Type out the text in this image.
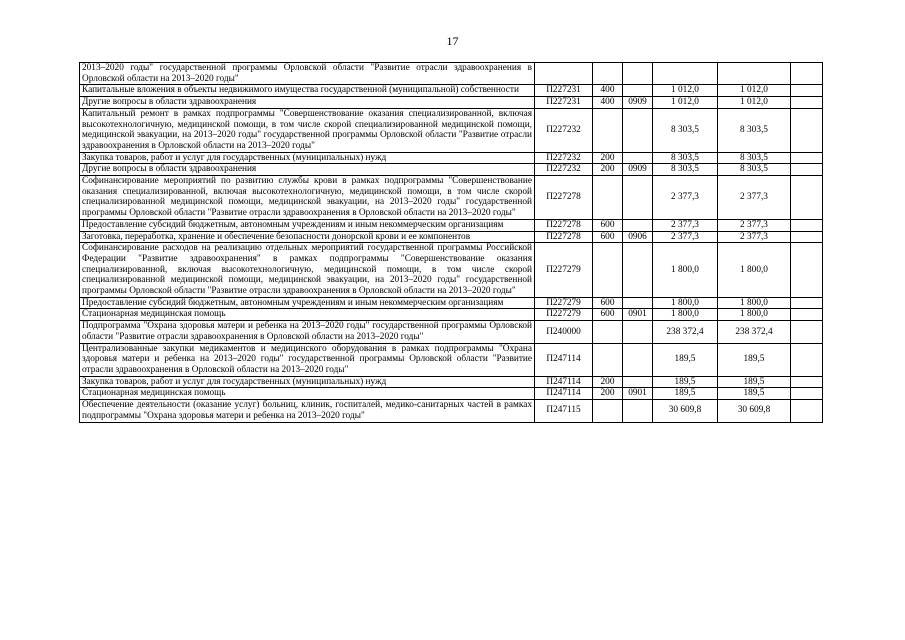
17
2013–2020 годы" государственной программы Орловской области "Развитие отрасли здравоохранения в Орловской области на 2013–2020 годы"						
Капитальные вложения в объекты недвижимого имущества государственной (муниципальной) собственности	П227231	400		1 012,0	1 012,0	
Другие вопросы в области здравоохранения	П227231	400	0909	1 012,0	1 012,0	
Капитальный ремонт в рамках подпрограммы "Совершенствование оказания специализированной, включая высокотехнологичную, медицинской помощи, в том числе скорой специализированной медицинской помощи, медицинской эвакуации, на 2013–2020 годы" государственной программы Орловской области "Развитие отрасли здравоохранения в Орловской области на 2013–2020 годы"	П227232			8 303,5	8 303,5	
Закупка товаров, работ и услуг для государственных (муниципальных) нужд	П227232	200		8 303,5	8 303,5	
Другие вопросы в области здравоохранения	П227232	200	0909	8 303,5	8 303,5	
Софинансирование мероприятий по развитию службы крови в рамках подпрограммы "Совершенствование оказания специализированной, включая высокотехнологичную, медицинской помощи, в том числе скорой специализированной медицинской помощи, медицинской эвакуации, на 2013–2020 годы" государственной программы Орловской области "Развитие отрасли здравоохранения в Орловской области на 2013–2020 годы"	П227278			2 377,3	2 377,3	
Предоставление субсидий бюджетным, автономным учреждениям и иным некоммерческим организациям	П227278	600		2 377,3	2 377,3	
Заготовка, переработка, хранение и обеспечение безопасности донорской крови и ее компонентов	П227278	600	0906	2 377,3	2 377,3	
Софинансирование расходов на реализацию отдельных мероприятий государственной программы Российской Федерации "Развитие здравоохранения" в рамках подпрограммы "Совершенствование оказания специализированной, включая высокотехнологичную, медицинской помощи, в том числе скорой специализированной медицинской помощи, медицинской эвакуации, на 2013–2020 годы" государственной программы Орловской области "Развитие отрасли здравоохранения в Орловской области на 2013–2020 годы"	П227279			1 800,0	1 800,0	
Предоставление субсидий бюджетным, автономным учреждениям и иным некоммерческим организациям	П227279	600		1 800,0	1 800,0	
Стационарная медицинская помощь	П227279	600	0901	1 800,0	1 800,0	
Подпрограмма "Охрана здоровья матери и ребенка на 2013–2020 годы" государственной программы Орловской области "Развитие отрасли здравоохранения в Орловской области на 2013–2020 годы"	П240000			238 372,4	238 372,4	
Централизованные закупки медикаментов и медицинского оборудования в рамках подпрограммы "Охрана здоровья матери и ребенка на 2013–2020 годы" государственной программы Орловской области "Развитие отрасли здравоохранения в Орловской области на 2013–2020 годы"	П247114			189,5	189,5	
Закупка товаров, работ и услуг для государственных (муниципальных) нужд	П247114	200		189,5	189,5	
Стационарная медицинская помощь	П247114	200	0901	189,5	189,5	
Обеспечение деятельности (оказание услуг) больниц, клиник, госпиталей, медико-санитарных частей в рамках подпрограммы "Охрана здоровья матери и ребенка на 2013–2020 годы"	П247115			30 609,8	30 609,8	
